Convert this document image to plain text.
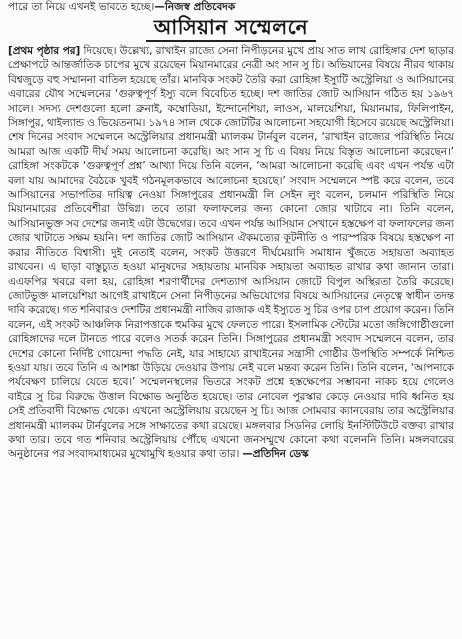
পারে তা নিয়ে এখনই ভাবতে হচ্ছে।—নিজস্ব প্রতিবেদক
আসিয়ান সম্মেলনে
[প্রথম পৃষ্ঠার পর] দিয়েছে। উল্লেখ্য, রাখাইন রাজ্যে সেনা নিপীড়নের মুখে প্রায় সাত লাখ রোহিঙ্গার দেশ ছাড়ার প্রেক্ষাপটে আন্তর্জাতিক চাপের মুখে রয়েছেন মিয়ানমারের নেত্রী অং সান সু চি। অভিযানের বিষয়ে নীরব থাকায় বিশ্বজুড়ে বহু সম্মাননা বাতিল হয়েছে তাঁর। মানবিক সংকট তৈরি করা রোহিঙ্গা ইস্যুটি অস্ট্রেলিয়া ও আসিয়ানের এবারের যৌথ সম্মেলনের ‘গুরুত্বপূর্ণ ইস্যু বলে বিবেচিত হচ্ছে। দশ জাতির জোট আসিয়ান গঠিত হয় ১৯৬৭ সালে। সদস্য দেশগুলো হলো ব্রুনাই, কম্বোডিয়া, ইন্দোনেশিয়া, লাওস, মালয়েশিয়া, মিয়ানমার, ফিলিপাইন, সিঙ্গাপুর, থাইল্যান্ড ও ভিয়েতনাম। ১৯৭৪ সাল থেকে জোটটির আলোচনা সহযোগী হিসেবে রয়েছে অস্ট্রেলিয়া। শেষ দিনের সংবাদ সম্মেলনে অস্ট্রেলিয়ার প্রধানমন্ত্রী ম্যালকম টার্নবুল বলেন, ‘রাখাইন রাজ্যের পরিস্থিতি নিয়ে আমরা আজ একটি দীর্ঘ সময় আলোচনা করেছি। অং সান সু চি এ বিষয় নিয়ে বিস্তৃত আলোচনা করেছেন।’ রোহিঙ্গা সংকটকে ‘গুরুত্বপূর্ণ প্রশ্ন’ আখ্যা দিয়ে তিনি বলেন, ‘আমরা আলোচনা করেছি এবং এখন পর্যন্ত এটা বলা যায় আমাদের বৈঠকে খুবই গঠনমূলকভাবে আলোচনা হয়েছে।’ সংবাদ সম্মেলনে স্পষ্ট করে বলেন, তবে আসিয়ানের সভাপতির দায়িত্ব নেওয়া সিঙ্গাপুরের প্রধানমন্ত্রী লি সেইন লুং বলেন, চলমান পরিস্থিতি নিয়ে মিয়ানমারের প্রতিবেশীরা উদ্বিগ্ন। তবে তারা ফলাফলের জন্য কোনো জোর খাটাবে না। তিনি বলেন, আসিয়ানভুক্ত সব দেশের জন্যই এটা উদ্বেগের। তবে এখন পর্যন্ত আসিয়ান সেখানে হস্তক্ষেপ বা ফলাফলের জন্য জোর খাটাতে সক্ষম হয়নি। দশ জাতির জোট আসিয়ান ঐকমত্যের কূটনীতি ও পারস্পরিক বিষয়ে হস্তক্ষেপ না করার নীতিতে বিশ্বাসী। দুই নেতাই বলেন, সংকট উত্তরণে দীর্ঘমেয়াদি সমাধান খুঁজতে সহায়তা অব্যাহত রাখবেন। এ ছাড়া বাস্তুচ্যুত হওয়া মানুষদের সহায়তায় মানবিক সহায়তা অব্যাহত রাখার কথা জানান তারা। এএফপির খবরে বলা হয়, রোহিঙ্গা শরণার্থীদের দেশত্যাগ আসিয়ান জোটে বিপুল অস্থিরতা তৈরি করেছে। জোটভুক্ত মালয়েশিয়া আগেই রাখাইনে সেনা নিপীড়নের অভিযোগের বিষয়ে আসিয়ানের নেতৃত্বে স্বাধীন তদন্ত দাবি করেছে। গত শনিবারও দেশটির প্রধানমন্ত্রী নাজিব রাজাক এই ইস্যুতে সু চির ওপর চাপ প্রয়োগ করেন। তিনি বলেন, এই সংকট আঞ্চলিক নিরাপত্তাকে হুমকির মুখে ফেলতে পারে। ইসলামিক স্টেটের মতো জঙ্গিগোষ্ঠীগুলো রোহিঙ্গাদের দলে টানতে পারে বলেও সতর্ক করেন তিনি। সিঙ্গাপুরের প্রধানমন্ত্রী সংবাদ সম্মেলনে বলেন, তার দেশের কোনো নির্দিষ্ট গোয়েন্দা পদ্ধতি নেই, যার সাহায্যে রাখাইনের সন্ত্রাসী গোষ্ঠীর উপস্থিতি সম্পর্কে নিশ্চিত হওয়া যায়। তবে তিনি এ আশঙ্কা উড়িয়ে দেওয়ার উপায় নেই বলে মন্তব্য করেন তিনি। তিনি বলেন, ‘আপনাকে পর্যবেক্ষণ চালিয়ে যেতে হবে।’ সম্মেলনস্থলের ভিতরে সংকট প্রশ্নে হস্তক্ষেপের সম্ভাবনা নাকচ হয়ে গেলেও বাইরে সু চির বিরুদ্ধে উত্তাল বিক্ষোভ অনুষ্ঠিত হয়েছে। তার নোবেল পুরস্কার কেড়ে নেওয়ার দাবি ধ্বনিত হয় সেই প্রতিবাদী বিক্ষোভ থেকে। এখনো অস্ট্রেলিয়ায় রয়েছেন সু চি। আজ সোমবার ক্যানবেরায় তার অস্ট্রেলিয়ার প্রধানমন্ত্রী ম্যালকম টার্নবুলের সঙ্গে সাক্ষাতের কথা রয়েছে। মঙ্গলবার সিডনির লোয়ি ইনস্টিটিউটে বক্তব্য রাখার কথা তার। তবে গত শনিবার অস্ট্রেলিয়ায় পৌঁছে এখনো জনসম্মুখে কোনো কথা বলেননি তিনি। মঙ্গলবারের অনুষ্ঠানের পর সংবাদমাধ্যমের মুখোমুখি হওয়ার কথা তার। —প্রতিদিন ডেস্ক
